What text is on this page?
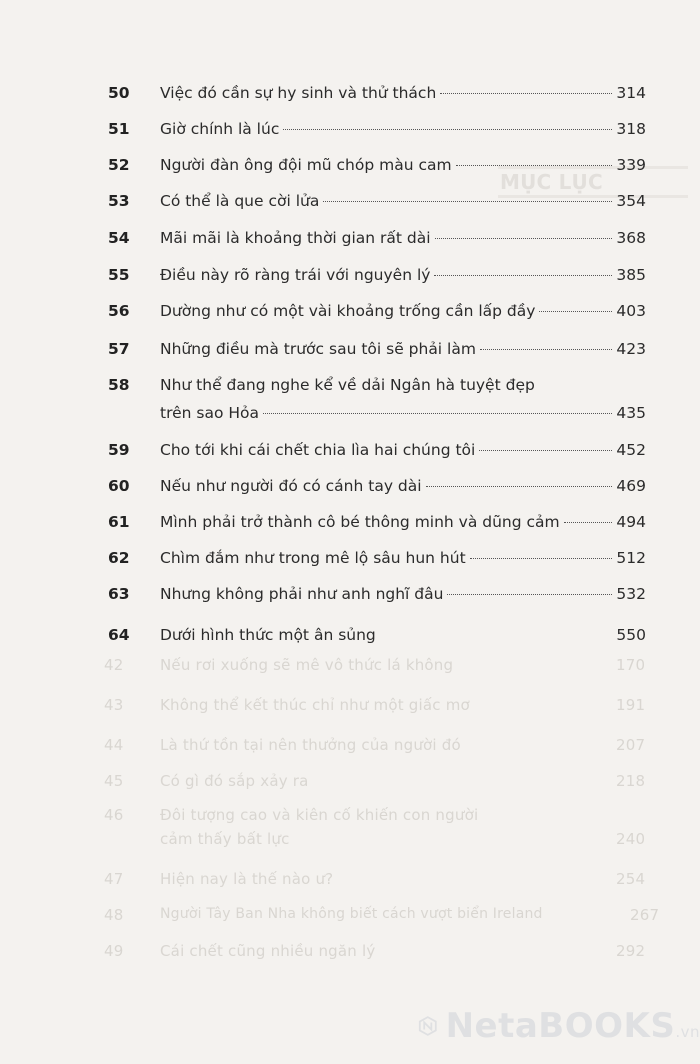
MỤC LỤC
42 Nếu rơi xuống sẽ mê vô thức lá không	170
43 Không thể kết thúc chỉ như một giấc mơ	191
44 Là thứ tồn tại nên thưởng của người đó	207
45 Có gì đó sắp xảy ra	218
46 Đôi tượng cao và kiên cố khiến con người
cảm thấy bất lực	240
47 Hiện nay là thế nào ư?	254
48	Người Tây Ban Nha không biết cách vượt biển Ireland	267
49 Cái chết cũng nhiều ngăn lý	292
50 Việc đó cần sự hy sinh và thử thách	314
51 Giờ chính là lúc	318
52 Người đàn ông đội mũ chóp màu cam	339
53 Có thể là que cời lửa	354
54 Mãi mãi là khoảng thời gian rất dài	368
55 Điều này rõ ràng trái với nguyên lý	385
56 Dường như có một vài khoảng trống cần lấp đầy	403
57 Những điều mà trước sau tôi sẽ phải làm	423
58 Như thể đang nghe kể về dải Ngân hà tuyệt đẹp
trên sao Hỏa	435
59 Cho tới khi cái chết chia lìa hai chúng tôi	452
60 Nếu như người đó có cánh tay dài	469
61 Mình phải trở thành cô bé thông minh và dũng cảm	494
62 Chìm đắm như trong mê lộ sâu hun hút	512
63 Nhưng không phải như anh nghĩ đâu	532
64 Dưới hình thức một ân sủng	550
NetaBOOKS.vn
